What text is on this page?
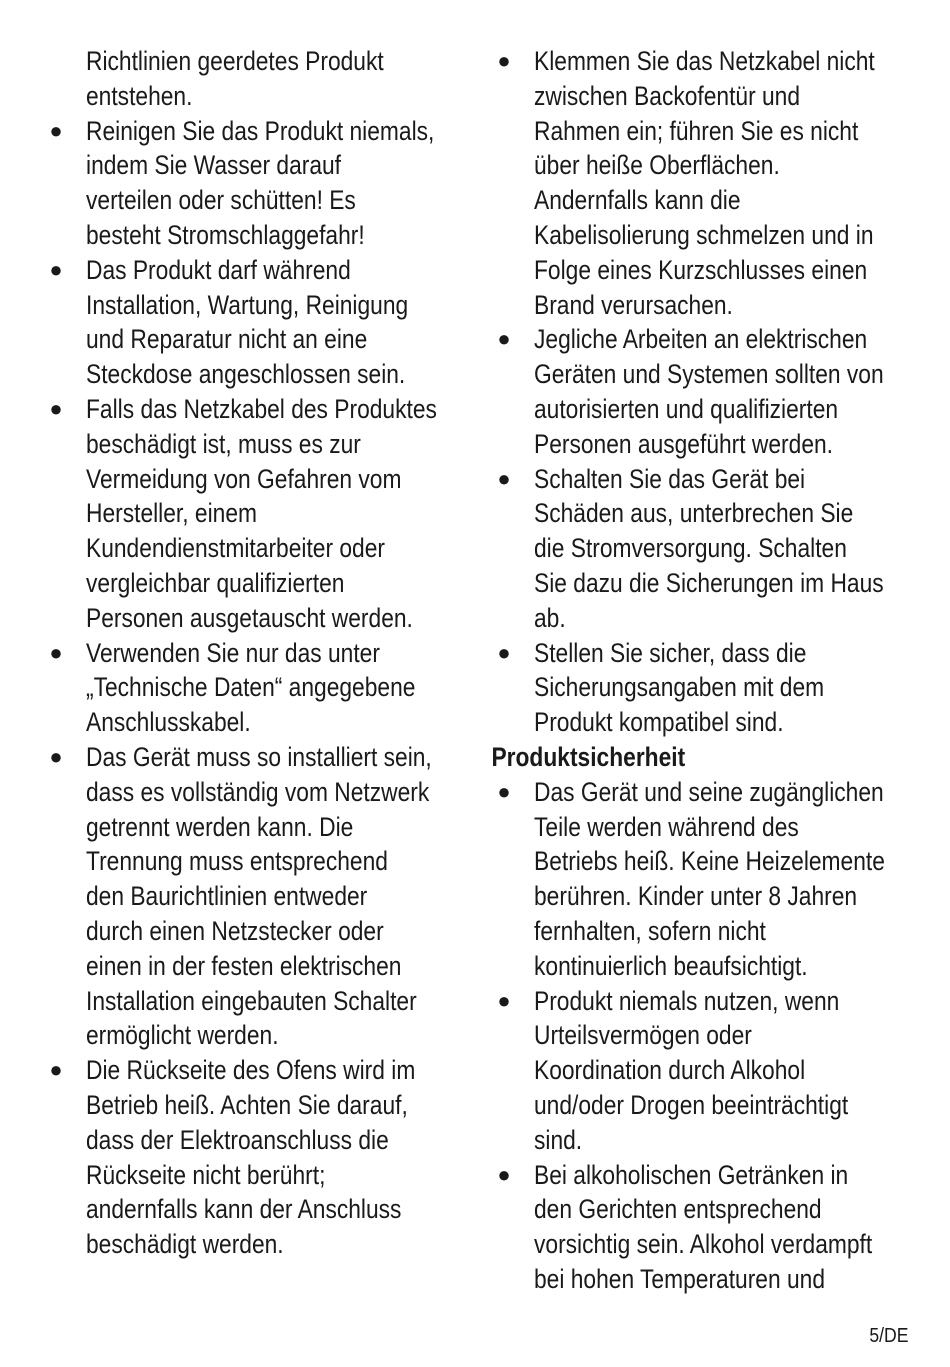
Richtlinien geerdetes Produkt
entstehen.
● Reinigen Sie das Produkt niemals,
indem Sie Wasser darauf
verteilen oder schütten! Es
besteht Stromschlaggefahr!
● Das Produkt darf während
Installation, Wartung, Reinigung
und Reparatur nicht an eine
Steckdose angeschlossen sein.
● Falls das Netzkabel des Produktes
beschädigt ist, muss es zur
Vermeidung von Gefahren vom
Hersteller, einem
Kundendienstmitarbeiter oder
vergleichbar qualifizierten
Personen ausgetauscht werden.
● Verwenden Sie nur das unter
„Technische Daten“ angegebene
Anschlusskabel.
● Das Gerät muss so installiert sein,
dass es vollständig vom Netzwerk
getrennt werden kann. Die
Trennung muss entsprechend
den Baurichtlinien entweder
durch einen Netzstecker oder
einen in der festen elektrischen
Installation eingebauten Schalter
ermöglicht werden.
● Die Rückseite des Ofens wird im
Betrieb heiß. Achten Sie darauf,
dass der Elektroanschluss die
Rückseite nicht berührt;
andernfalls kann der Anschluss
beschädigt werden.
● Klemmen Sie das Netzkabel nicht
zwischen Backofentür und
Rahmen ein; führen Sie es nicht
über heiße Oberflächen.
Andernfalls kann die
Kabelisolierung schmelzen und in
Folge eines Kurzschlusses einen
Brand verursachen.
● Jegliche Arbeiten an elektrischen
Geräten und Systemen sollten von
autorisierten und qualifizierten
Personen ausgeführt werden.
● Schalten Sie das Gerät bei
Schäden aus, unterbrechen Sie
die Stromversorgung. Schalten
Sie dazu die Sicherungen im Haus
ab.
● Stellen Sie sicher, dass die
Sicherungsangaben mit dem
Produkt kompatibel sind.
Produktsicherheit
● Das Gerät und seine zugänglichen
Teile werden während des
Betriebs heiß. Keine Heizelemente
berühren. Kinder unter 8 Jahren
fernhalten, sofern nicht
kontinuierlich beaufsichtigt.
● Produkt niemals nutzen, wenn
Urteilsvermögen oder
Koordination durch Alkohol
und/oder Drogen beeinträchtigt
sind.
● Bei alkoholischen Getränken in
den Gerichten entsprechend
vorsichtig sein. Alkohol verdampft
bei hohen Temperaturen und
5/DE
